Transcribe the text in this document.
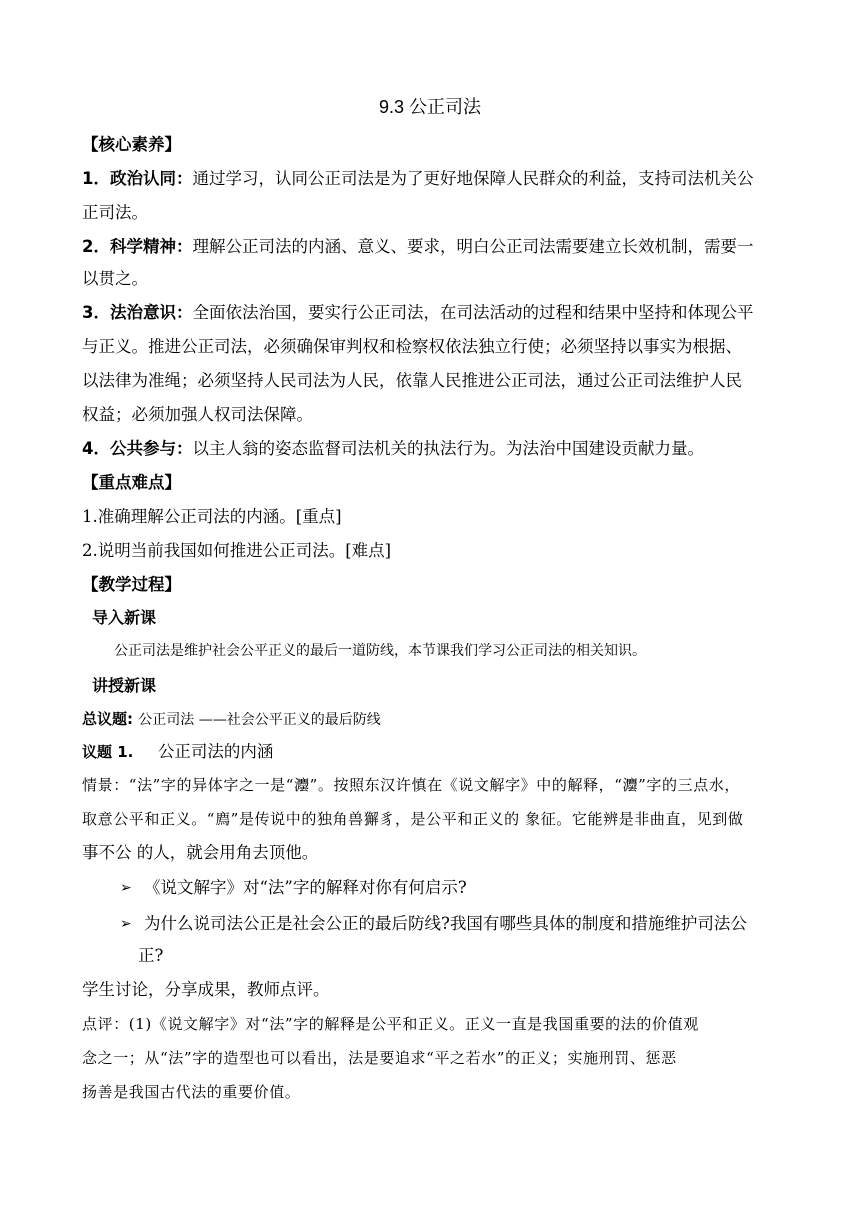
9.3 公正司法
【核心素养】
1．政治认同：通过学习，认同公正司法是为了更好地保障人民群众的利益，支持司法机关公
正司法。
2．科学精神：理解公正司法的内涵、意义、要求，明白公正司法需要建立长效机制，需要一
以贯之。
3．法治意识：全面依法治国，要实行公正司法，在司法活动的过程和结果中坚持和体现公平
与正义。推进公正司法，必须确保审判权和检察权依法独立行使；必须坚持以事实为根据、
以法律为准绳；必须坚持人民司法为人民，依靠人民推进公正司法，通过公正司法维护人民
权益；必须加强人权司法保障。
4．公共参与：以主人翁的姿态监督司法机关的执法行为。为法治中国建设贡献力量。
【重点难点】
1.准确理解公正司法的内涵。[重点]
2.说明当前我国如何推进公正司法。[难点]
【教学过程】
导入新课
公正司法是维护社会公平正义的最后一道防线，本节课我们学习公正司法的相关知识。
讲授新课
总议题: 公正司法 ——社会公平正义的最后防线
议题 1. 公正司法的内涵
情景：“法”字的异体字之一是“灋”。按照东汉许慎在《说文解字》中的解释，“灋”字的三点水，
取意公平和正义。“廌”是传说中的独角兽獬豸，是公平和正义的 象征。它能辨是非曲直，见到做
事不公 的人，就会用角去顶他。
➢ 《说文解字》对“法”字的解释对你有何启示?
➢ 为什么说司法公正是社会公正的最后防线?我国有哪些具体的制度和措施维护司法公
正?
学生讨论，分享成果，教师点评。
点评：(1)《说文解字》对“法”字的解释是公平和正义。正义一直是我国重要的法的价值观
念之一；从“法”字的造型也可以看出，法是要追求“平之若水”的正义；实施刑罚、惩恶
扬善是我国古代法的重要价值。
